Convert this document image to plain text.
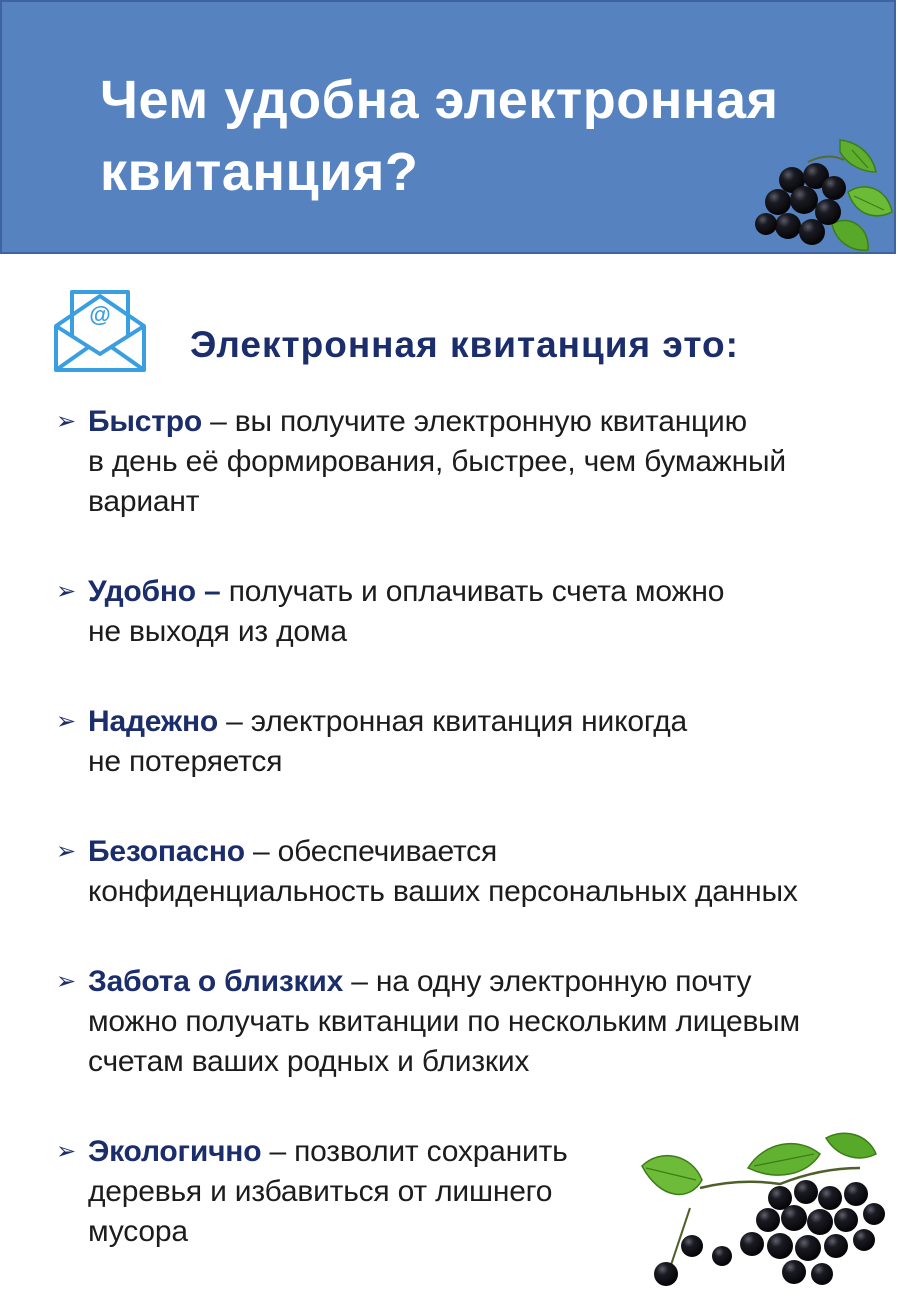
Чем удобна электронная
квитанция?
@
Электронная квитанция это:
➢ Быстро – вы получите электронную квитанцию
в день её формирования, быстрее, чем бумажный
вариант
➢ Удобно – получать и оплачивать счета можно
не выходя из дома
➢ Надежно – электронная квитанция никогда
не потеряется
➢ Безопасно – обеспечивается
конфиденциальность ваших персональных данных
➢ Забота о близких – на одну электронную почту
можно получать квитанции по нескольким лицевым
счетам ваших родных и близких
➢ Экологично – позволит сохранить
деревья и избавиться от лишнего
мусора
